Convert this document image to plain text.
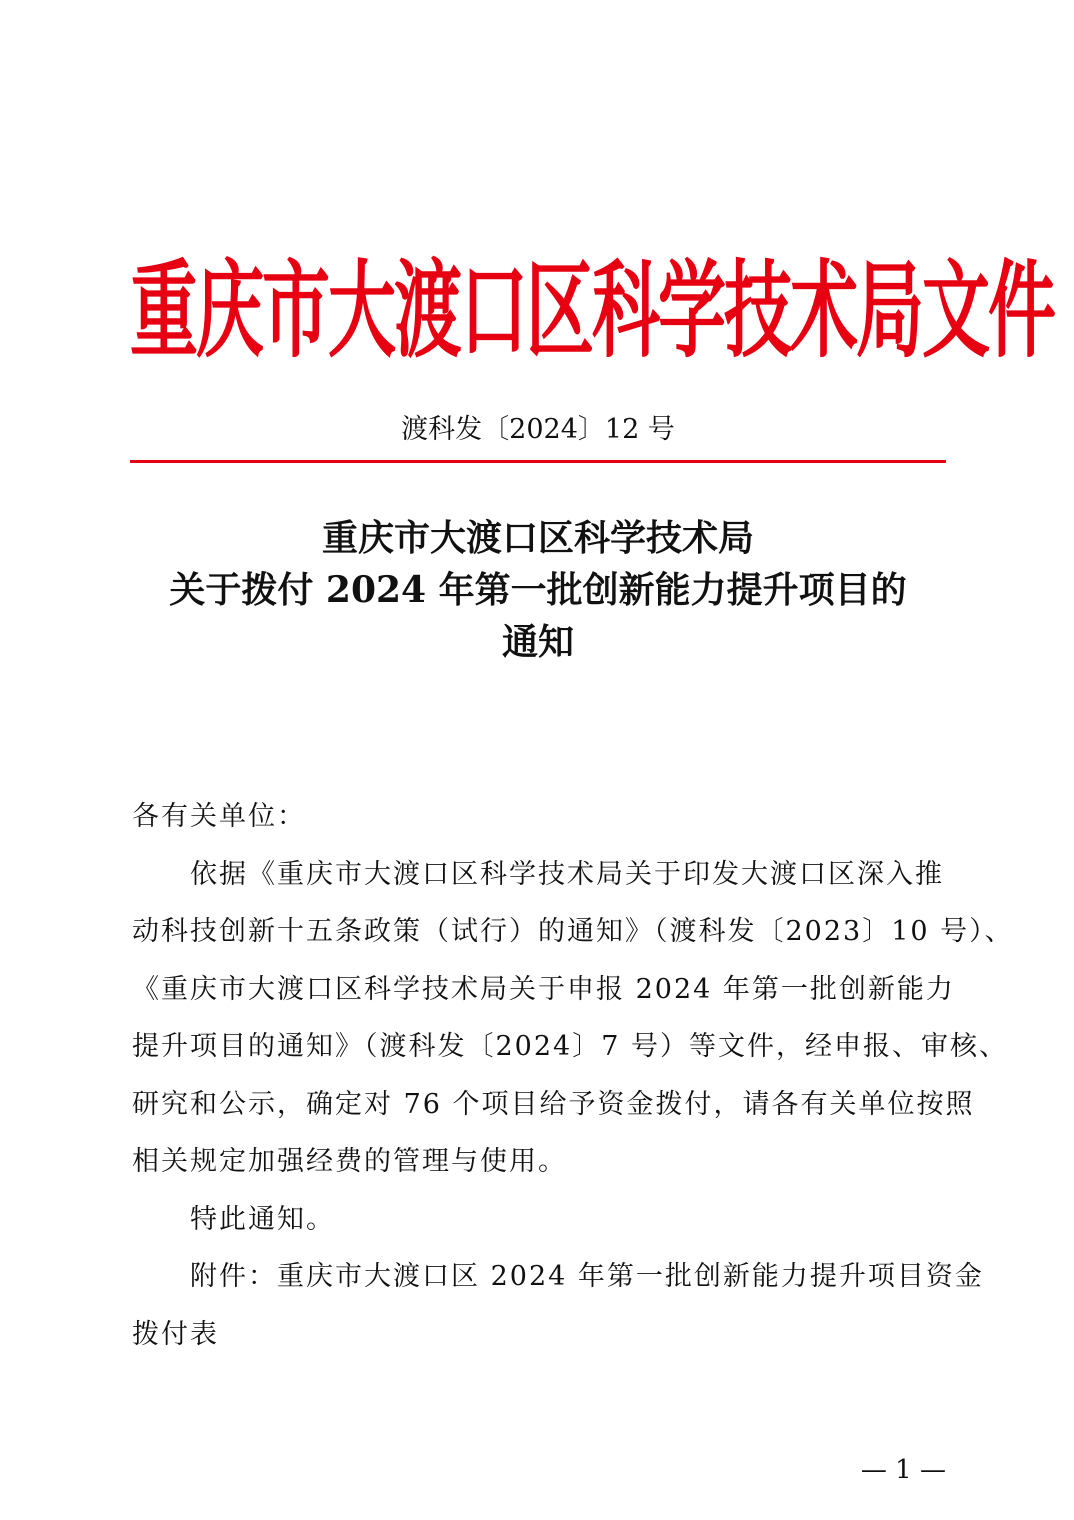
重庆市大渡口区科学技术局文件
渡科发〔2024〕12 号
重庆市大渡口区科学技术局
关于拨付 2024 年第一批创新能力提升项目的
通知
各有关单位：
依据《重庆市大渡口区科学技术局关于印发大渡口区深入推
动科技创新十五条政策（试行）的通知》（渡科发〔2023〕10 号）、
《重庆市大渡口区科学技术局关于申报 2024 年第一批创新能力
提升项目的通知》（渡科发〔2024〕7 号）等文件，经申报、审核、
研究和公示，确定对 76 个项目给予资金拨付，请各有关单位按照
相关规定加强经费的管理与使用。
特此通知。
附件：重庆市大渡口区 2024 年第一批创新能力提升项目资金
拨付表
— 1 —
